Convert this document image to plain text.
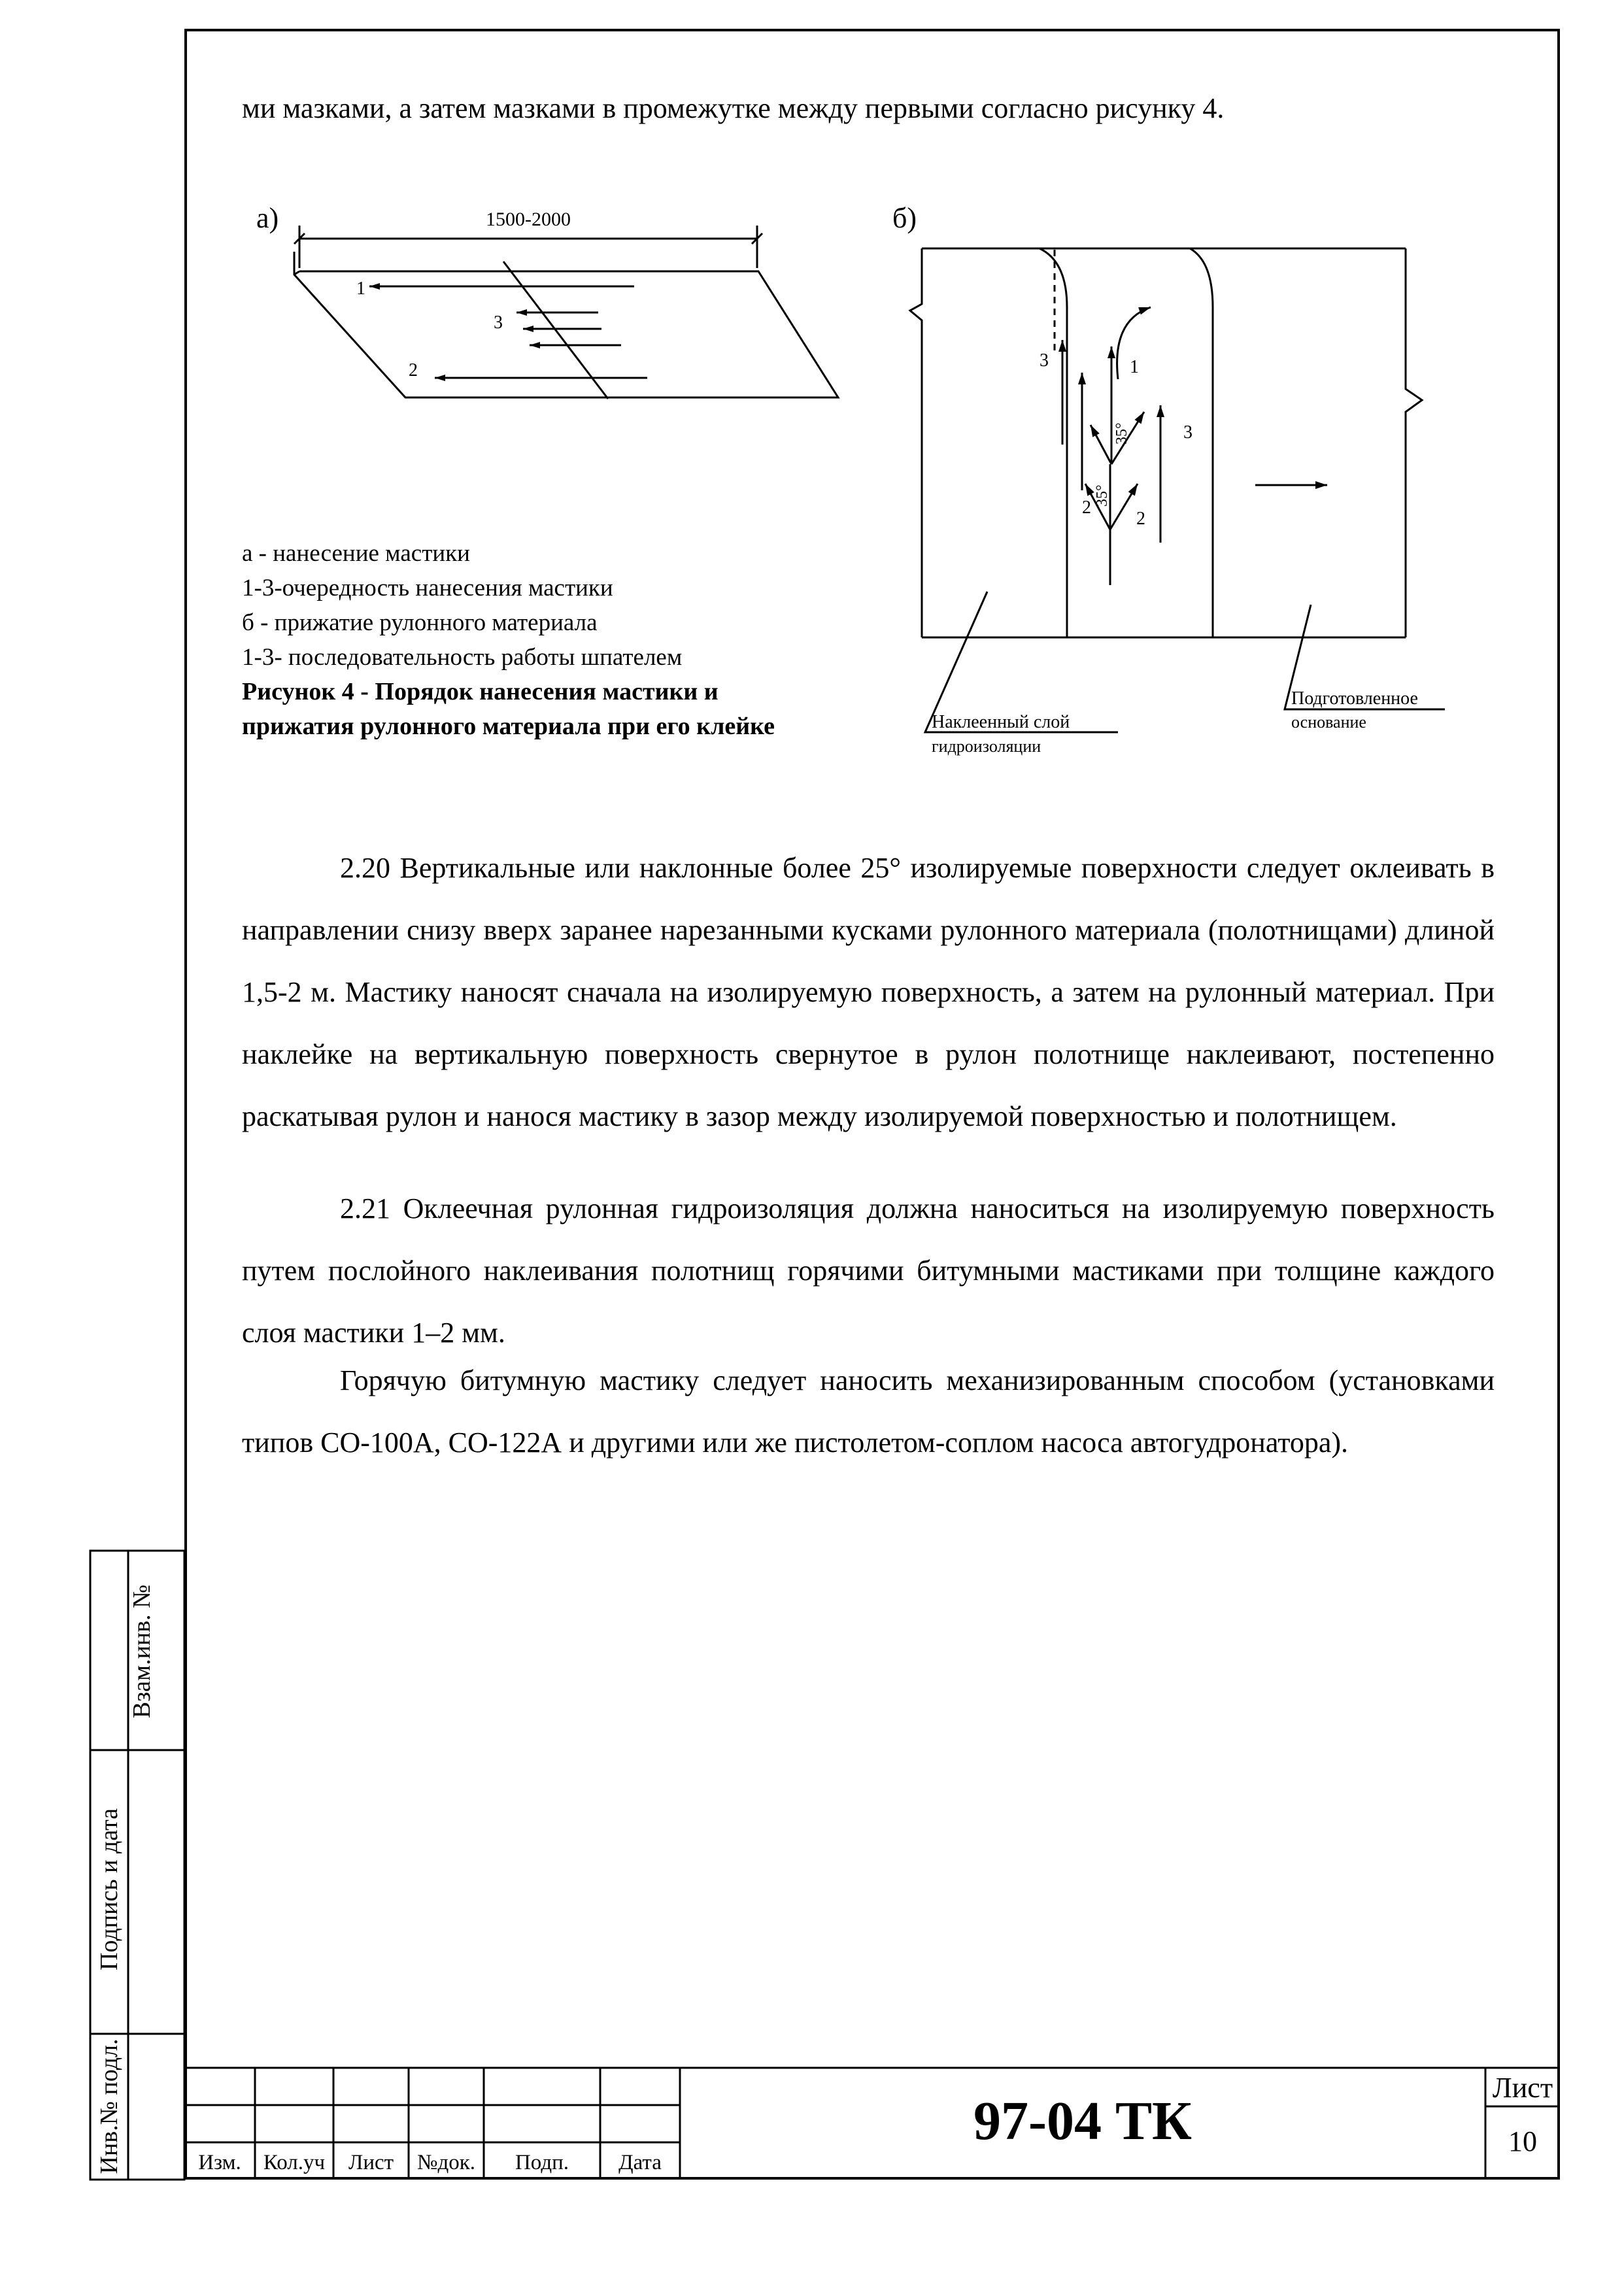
Взам.инв. №
Подпись и дата
Инв.№ подл.
ми мазками, а затем мазками в промежутке между первыми согласно рисунку 4.
а)	1500-2000
1
3
2
б)
3	1
3
2
2
35°
35°
Наклеенный слой
гидроизоляции
Подготовленное
основание
а - нанесение мастики
1-3-очередность нанесения мастики
б - прижатие рулонного материала
1-3- последовательность работы шпателем
Рисунок 4 - Порядок нанесения мастики и прижатия рулонного материала при его клейке

2.20 Вертикальные или наклонные более 25° изолируемые поверхности следует оклеивать в направлении снизу вверх заранее нарезанными кусками рулонного материала (полотнищами) длиной 1,5-2 м. Мастику наносят сначала на изолируемую поверхность, а затем на рулонный материал. При наклейке на вертикальную поверхность свернутое в рулон полотнище наклеивают, постепенно раскатывая рулон и нанося мастику в зазор между изолируемой поверхностью и полотнищем.

2.21 Оклеечная рулонная гидроизоляция должна наноситься на изолируемую поверхность путем послойного наклеивания полотнищ горячими битумными мастиками при толщине каждого слоя мастики 1–2 мм.

Горячую битумную мастику следует наносить механизированным способом (установками типов СО-100А, СО-122А и другими или же пистолетом-соплом насоса автогудронатора).

Изм.	Кол.уч	Лист	№док.	Подп.	Дата
97-04 ТК
Лист
10
